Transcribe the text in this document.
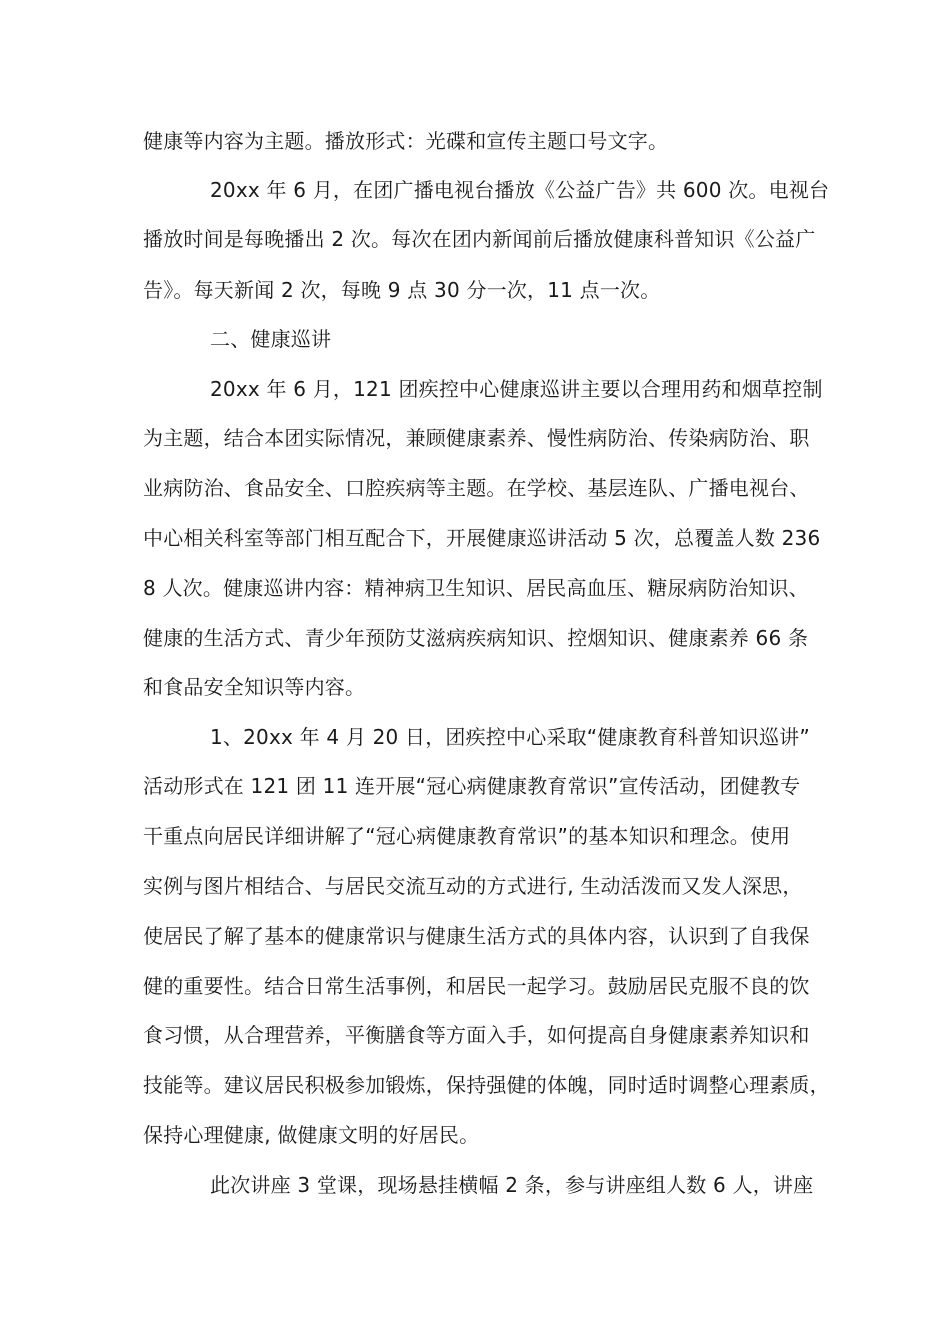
健康等内容为主题。播放形式：光碟和宣传主题口号文字。
20xx 年 6 月，在团广播电视台播放《公益广告》共 600 次。电视台
播放时间是每晚播出 2 次。每次在团内新闻前后播放健康科普知识《公益广
告》。每天新闻 2 次，每晚 9 点 30 分一次，11 点一次。
二、健康巡讲
20xx 年 6 月，121 团疾控中心健康巡讲主要以合理用药和烟草控制
为主题，结合本团实际情况，兼顾健康素养、慢性病防治、传染病防治、职
业病防治、食品安全、口腔疾病等主题。在学校、基层连队、广播电视台、
中心相关科室等部门相互配合下，开展健康巡讲活动 5 次，总覆盖人数 236
8 人次。健康巡讲内容：精神病卫生知识、居民高血压、糖尿病防治知识、
健康的生活方式、青少年预防艾滋病疾病知识、控烟知识、健康素养 66 条
和食品安全知识等内容。
1、20xx 年 4 月 20 日，团疾控中心采取“健康教育科普知识巡讲”
活动形式在 121 团 11 连开展“冠心病健康教育常识”宣传活动，团健教专
干重点向居民详细讲解了“冠心病健康教育常识”的基本知识和理念。使用
实例与图片相结合、与居民交流互动的方式进行, 生动活泼而又发人深思，
使居民了解了基本的健康常识与健康生活方式的具体内容，认识到了自我保
健的重要性。结合日常生活事例，和居民一起学习。鼓励居民克服不良的饮
食习惯，从合理营养，平衡膳食等方面入手，如何提高自身健康素养知识和
技能等。建议居民积极参加锻炼，保持强健的体魄，同时适时调整心理素质，
保持心理健康, 做健康文明的好居民。
此次讲座 3 堂课，现场悬挂横幅 2 条，参与讲座组人数 6 人，讲座
